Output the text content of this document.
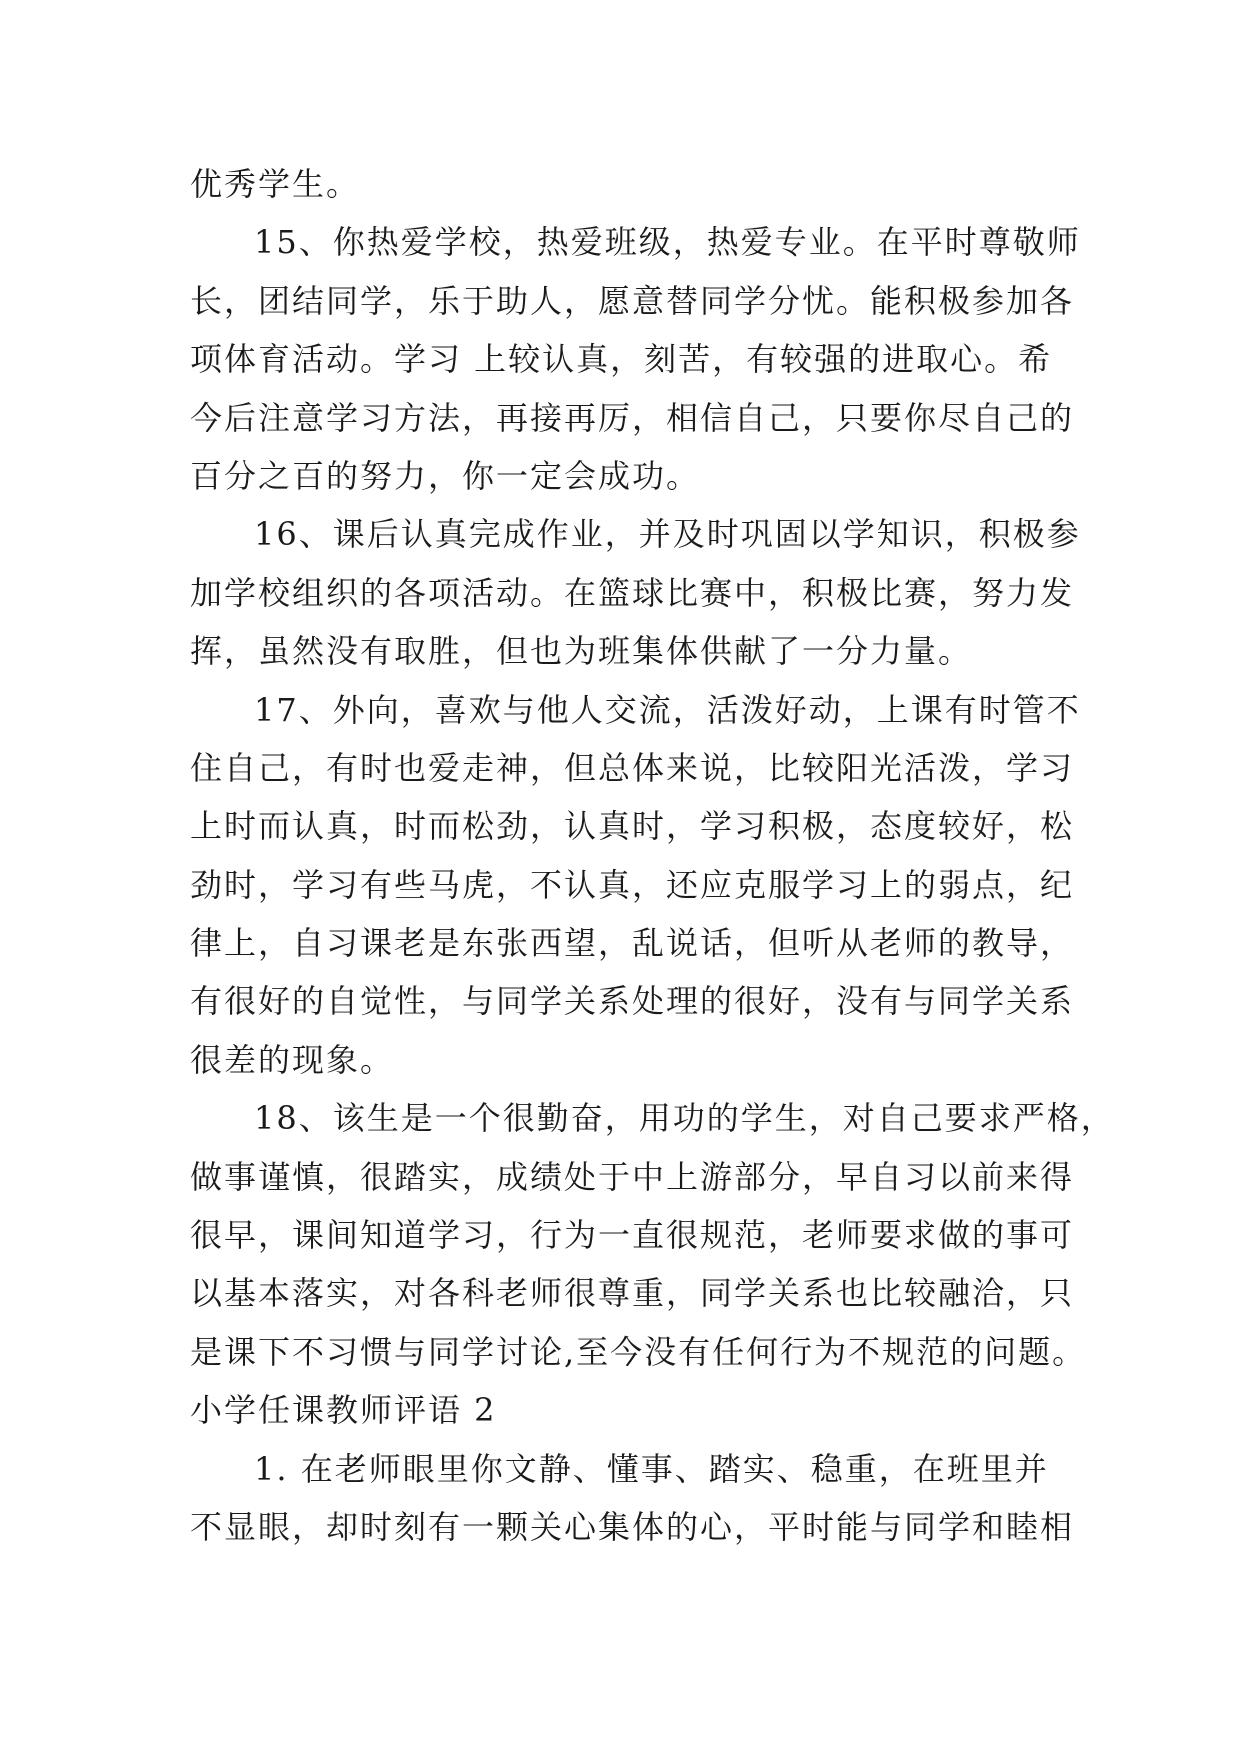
优秀学生。
15、你热爱学校，热爱班级，热爱专业。在平时尊敬师
长，团结同学，乐于助人，愿意替同学分忧。能积极参加各
项体育活动。学习 上较认真，刻苦，有较强的进取心。希
今后注意学习方法，再接再厉，相信自己，只要你尽自己的
百分之百的努力，你一定会成功。
16、课后认真完成作业，并及时巩固以学知识，积极参
加学校组织的各项活动。在篮球比赛中，积极比赛，努力发
挥，虽然没有取胜，但也为班集体供献了一分力量。
17、外向，喜欢与他人交流，活泼好动，上课有时管不
住自己，有时也爱走神，但总体来说，比较阳光活泼，学习
上时而认真，时而松劲，认真时，学习积极，态度较好，松
劲时，学习有些马虎，不认真，还应克服学习上的弱点，纪
律上，自习课老是东张西望，乱说话，但听从老师的教导，
有很好的自觉性，与同学关系处理的很好，没有与同学关系
很差的现象。
18、该生是一个很勤奋，用功的学生，对自己要求严格，
做事谨慎，很踏实，成绩处于中上游部分，早自习以前来得
很早，课间知道学习，行为一直很规范，老师要求做的事可
以基本落实，对各科老师很尊重，同学关系也比较融洽，只
是课下不习惯与同学讨论,至今没有任何行为不规范的问题。
小学任课教师评语 2
1. 在老师眼里你文静、懂事、踏实、稳重，在班里并
不显眼，却时刻有一颗关心集体的心，平时能与同学和睦相
